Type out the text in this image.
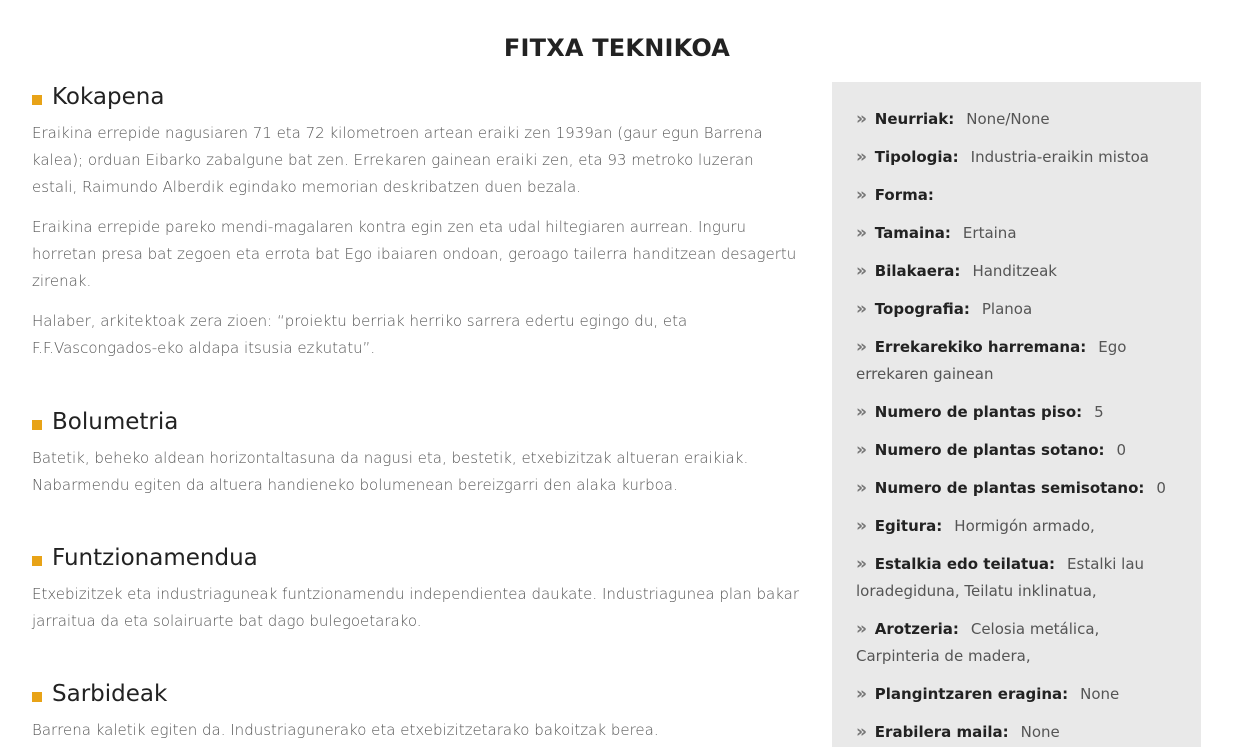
FITXA TEKNIKOA
Kokapena

Eraikina errepide nagusiaren 71 eta 72 kilometroen artean eraiki zen 1939an (gaur egun Barrena kalea); orduan Eibarko zabalgune bat zen. Errekaren gainean eraiki zen, eta 93 metroko luzeran estali, Raimundo Alberdik egindako memorian deskribatzen duen bezala.

Eraikina errepide pareko mendi-magalaren kontra egin zen eta udal hiltegiaren aurrean. Inguru horretan presa bat zegoen eta errota bat Ego ibaiaren ondoan, geroago tailerra handitzean desagertu zirenak.

Halaber, arkitektoak zera zioen: “proiektu berriak herriko sarrera edertu egingo du, eta F.F.Vascongados-eko aldapa itsusia ezkutatu”.

Bolumetria

Batetik, beheko aldean horizontaltasuna da nagusi eta, bestetik, etxebizitzak altueran eraikiak. Nabarmendu egiten da altuera handieneko bolumenean bereizgarri den alaka kurboa.

Funtzionamendua

Etxebizitzek eta industriaguneak funtzionamendu independientea daukate. Industriagunea plan bakar jarraitua da eta solairuarte bat dago bulegoetarako.

Sarbideak

Barrena kaletik egiten da. Industriagunerako eta etxebizitzetarako bakoitzak berea.

›› Neurriak: None/None
›› Tipologia: Industria-eraikin mistoa
›› Forma:
›› Tamaina: Ertaina
›› Bilakaera: Handitzeak
›› Topografia: Planoa
›› Errekarekiko harremana: Ego errekaren gainean
›› Numero de plantas piso: 5
›› Numero de plantas sotano: 0
›› Numero de plantas semisotano: 0
›› Egitura: Hormigón armado,
›› Estalkia edo teilatua: Estalki lau loradegiduna, Teilatu inklinatua,
›› Arotzeria: Celosia metálica, Carpinteria de madera,
›› Plangintzaren eragina: None
›› Erabilera maila: None
